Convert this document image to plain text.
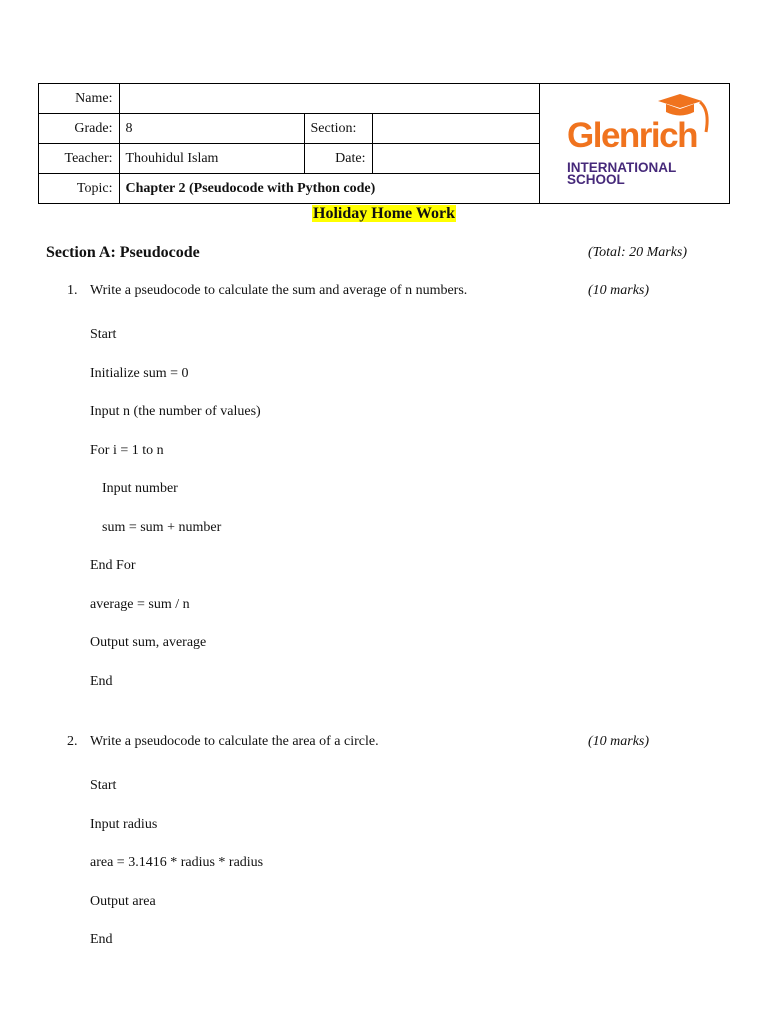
Name:			
Grade:	8	Section:	
Teacher:	Thouhidul Islam	Date:	
Topic:	Chapter 2 (Pseudocode with Python code)		
Glenrich
INTERNATIONAL
SCHOOL
Holiday Home Work
Section A: Pseudocode	(Total: 20 Marks)
1. Write a pseudocode to calculate the sum and average of n numbers.	(10 marks)
Start
Initialize sum = 0
Input n (the number of values)
For i = 1 to n
Input number
sum = sum + number
End For
average = sum / n
Output sum, average
End
2. Write a pseudocode to calculate the area of a circle.	(10 marks)
Start
Input radius
area = 3.1416 * radius * radius
Output area
End
